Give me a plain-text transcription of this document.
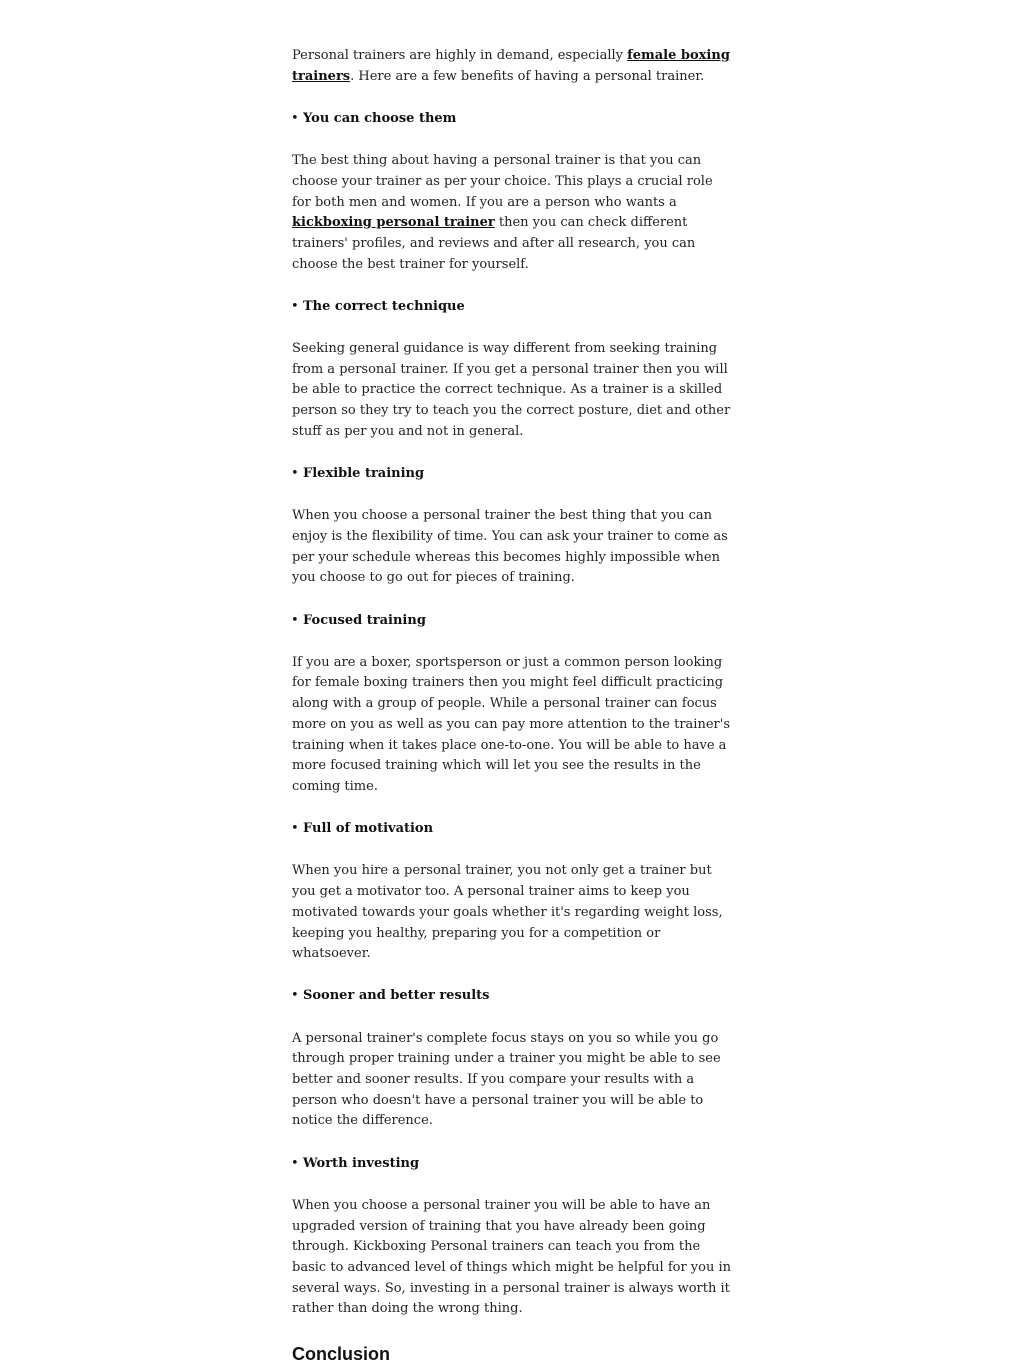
Personal trainers are highly in demand, especially female boxing trainers. Here are a few benefits of having a personal trainer.

• You can choose them

The best thing about having a personal trainer is that you can choose your trainer as per your choice. This plays a crucial role for both men and women. If you are a person who wants a kickboxing personal trainer then you can check different trainers' profiles, and reviews and after all research, you can choose the best trainer for yourself.

• The correct technique

Seeking general guidance is way different from seeking training from a personal trainer. If you get a personal trainer then you will be able to practice the correct technique. As a trainer is a skilled person so they try to teach you the correct posture, diet and other stuff as per you and not in general.

• Flexible training

When you choose a personal trainer the best thing that you can enjoy is the flexibility of time. You can ask your trainer to come as per your schedule whereas this becomes highly impossible when you choose to go out for pieces of training.

• Focused training

If you are a boxer, sportsperson or just a common person looking for female boxing trainers then you might feel difficult practicing along with a group of people. While a personal trainer can focus more on you as well as you can pay more attention to the trainer's training when it takes place one-to-one. You will be able to have a more focused training which will let you see the results in the coming time.

• Full of motivation

When you hire a personal trainer, you not only get a trainer but you get a motivator too. A personal trainer aims to keep you motivated towards your goals whether it's regarding weight loss, keeping you healthy, preparing you for a competition or whatsoever.

• Sooner and better results

A personal trainer's complete focus stays on you so while you go through proper training under a trainer you might be able to see better and sooner results. If you compare your results with a person who doesn't have a personal trainer you will be able to notice the difference.

• Worth investing

When you choose a personal trainer you will be able to have an upgraded version of training that you have already been going through. Kickboxing Personal trainers can teach you from the basic to advanced level of things which might be helpful for you in several ways. So, investing in a personal trainer is always worth it rather than doing the wrong thing.

Conclusion
